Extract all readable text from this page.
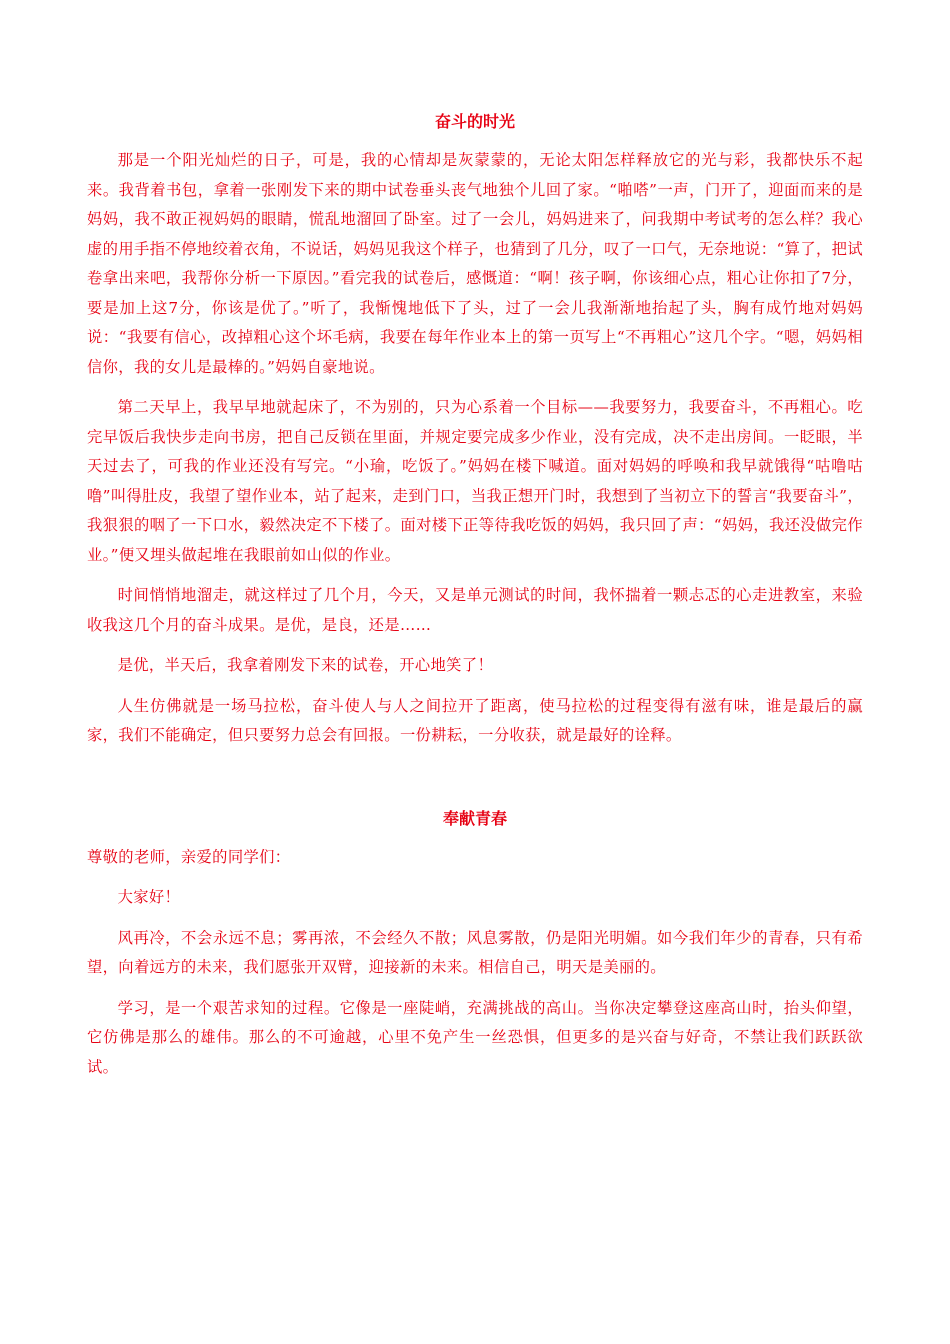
奋斗的时光

那是一个阳光灿烂的日子，可是，我的心情却是灰蒙蒙的，无论太阳怎样释放它的光与彩，我都快乐不起来。我背着书包，拿着一张刚发下来的期中试卷垂头丧气地独个儿回了家。“啪嗒”一声，门开了，迎面而来的是妈妈，我不敢正视妈妈的眼睛，慌乱地溜回了卧室。过了一会儿，妈妈进来了，问我期中考试考的怎么样？我心虚的用手指不停地绞着衣角，不说话，妈妈见我这个样子，也猜到了几分，叹了一口气，无奈地说：“算了，把试卷拿出来吧，我帮你分析一下原因。”看完我的试卷后，感慨道：“啊！孩子啊，你该细心点，粗心让你扣了7分，要是加上这7分，你该是优了。”听了，我惭愧地低下了头，过了一会儿我渐渐地抬起了头，胸有成竹地对妈妈说：“我要有信心，改掉粗心这个坏毛病，我要在每年作业本上的第一页写上“不再粗心”这几个字。“嗯，妈妈相信你，我的女儿是最棒的。”妈妈自豪地说。

第二天早上，我早早地就起床了，不为别的，只为心系着一个目标——我要努力，我要奋斗，不再粗心。吃完早饭后我快步走向书房，把自己反锁在里面，并规定要完成多少作业，没有完成，决不走出房间。一眨眼，半天过去了，可我的作业还没有写完。“小瑜，吃饭了。”妈妈在楼下喊道。面对妈妈的呼唤和我早就饿得“咕噜咕噜”叫得肚皮，我望了望作业本，站了起来，走到门口，当我正想开门时，我想到了当初立下的誓言“我要奋斗”，我狠狠的咽了一下口水，毅然决定不下楼了。面对楼下正等待我吃饭的妈妈，我只回了声：“妈妈，我还没做完作业。”便又埋头做起堆在我眼前如山似的作业。

时间悄悄地溜走，就这样过了几个月，今天，又是单元测试的时间，我怀揣着一颗忐忑的心走进教室，来验收我这几个月的奋斗成果。是优，是良，还是……

是优，半天后，我拿着刚发下来的试卷，开心地笑了！

人生仿佛就是一场马拉松，奋斗使人与人之间拉开了距离，使马拉松的过程变得有滋有味，谁是最后的赢家，我们不能确定，但只要努力总会有回报。一份耕耘，一分收获，就是最好的诠释。

奉献青春

尊敬的老师，亲爱的同学们：

大家好！

风再冷，不会永远不息；雾再浓，不会经久不散；风息雾散，仍是阳光明媚。如今我们年少的青春，只有希望，向着远方的未来，我们愿张开双臂，迎接新的未来。相信自己，明天是美丽的。

学习，是一个艰苦求知的过程。它像是一座陡峭，充满挑战的高山。当你决定攀登这座高山时，抬头仰望，它仿佛是那么的雄伟。那么的不可逾越，心里不免产生一丝恐惧，但更多的是兴奋与好奇，不禁让我们跃跃欲试。
